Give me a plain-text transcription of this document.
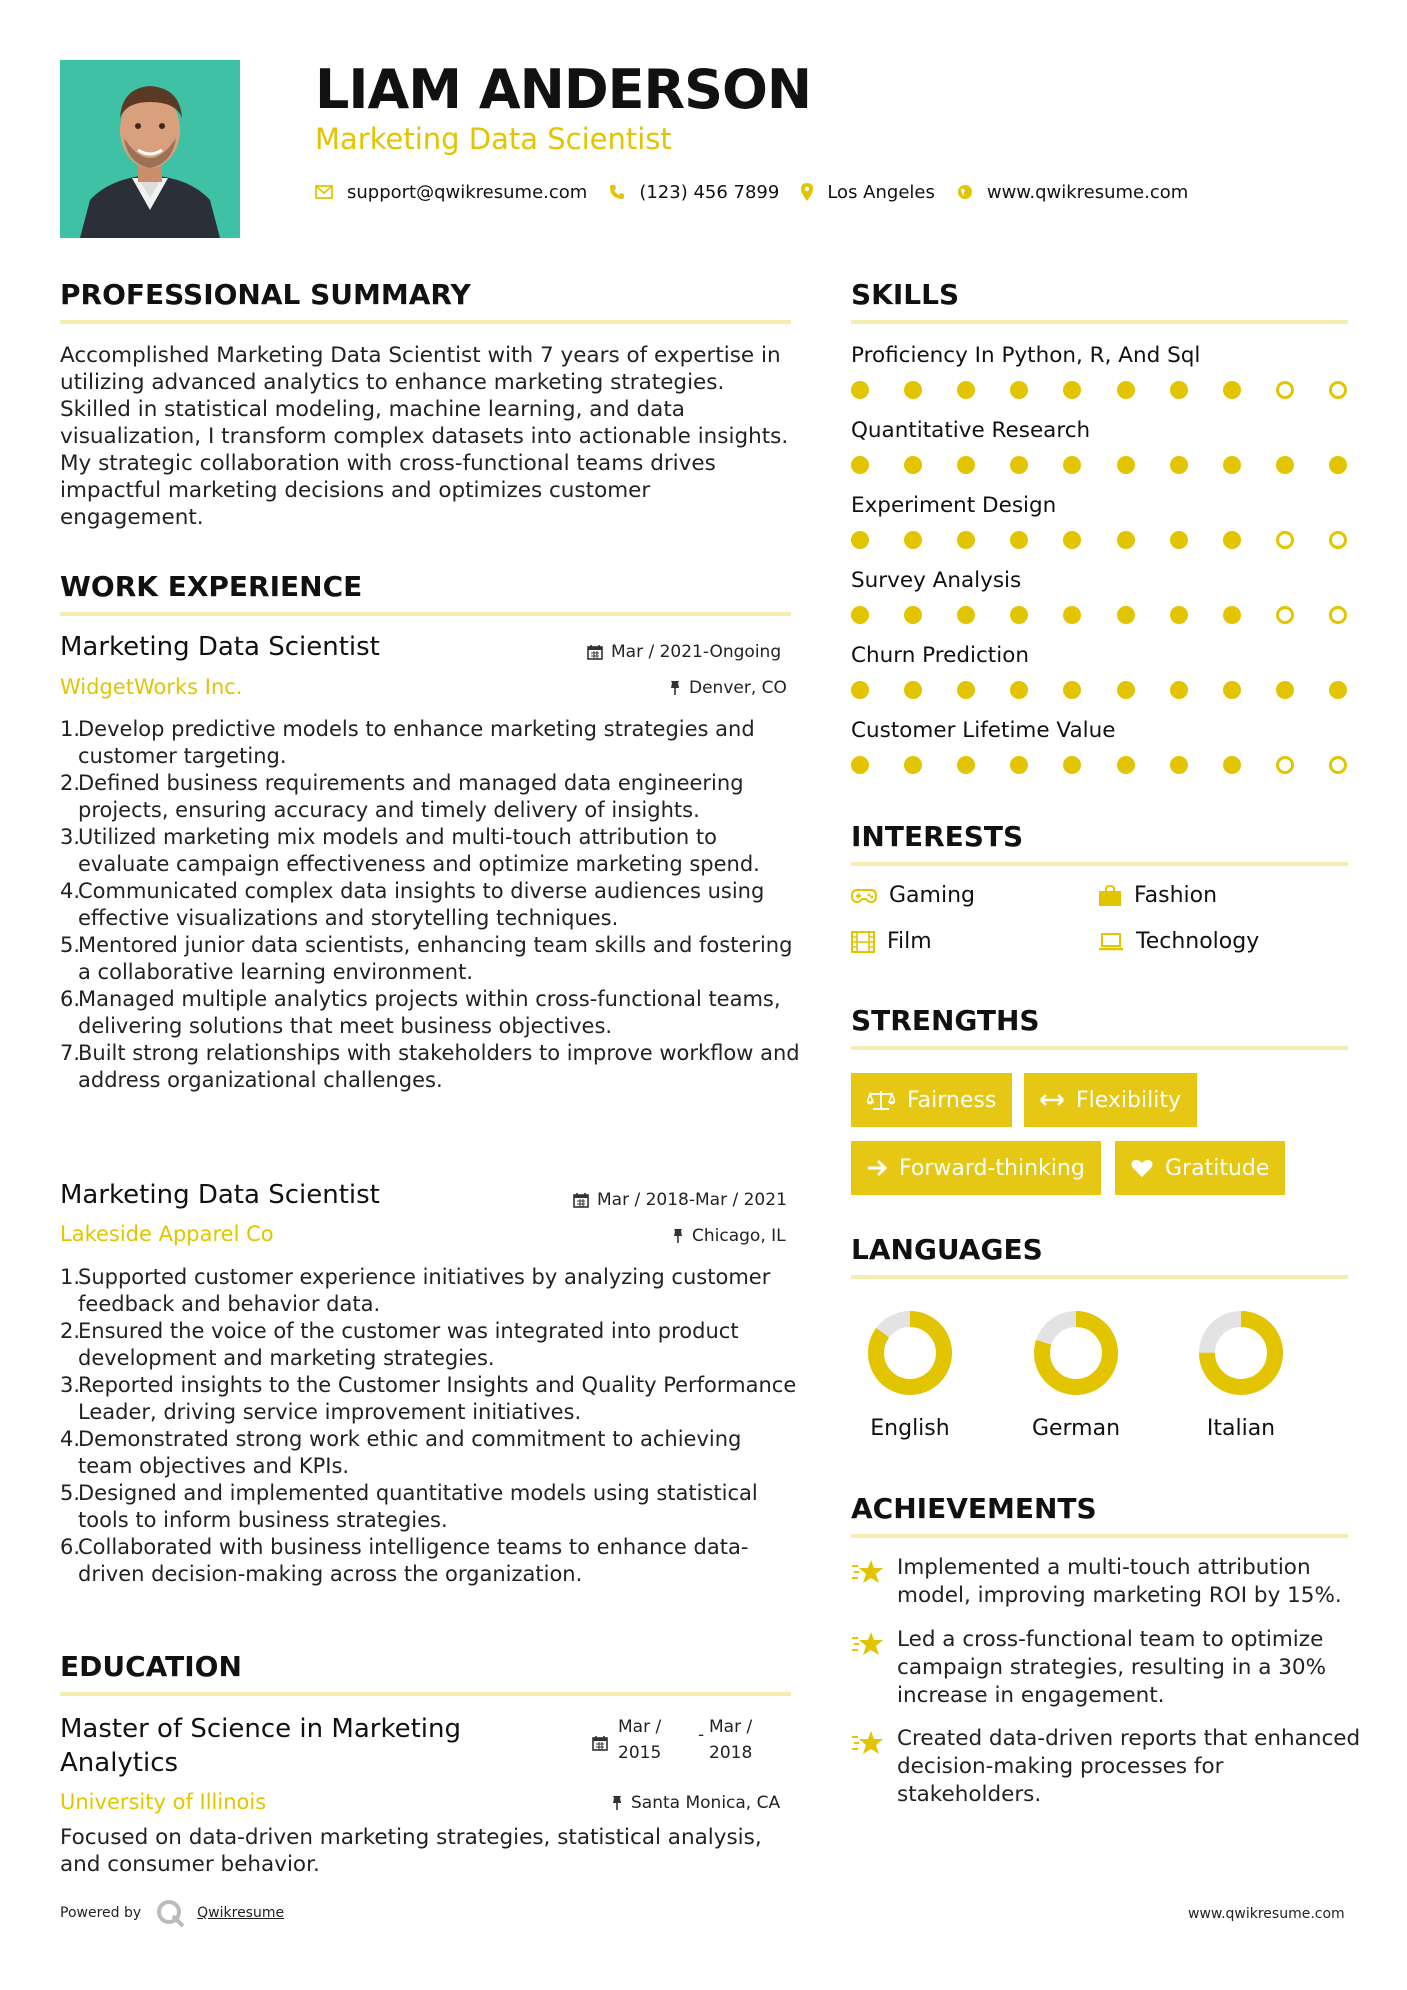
LIAM ANDERSON
Marketing Data Scientist
support@qwikresume.com	(123) 456 7899	Los Angeles	www.qwikresume.com
PROFESSIONAL SUMMARY
Accomplished Marketing Data Scientist with 7 years of expertise in utilizing advanced analytics to enhance marketing strategies. Skilled in statistical modeling, machine learning, and data visualization, I transform complex datasets into actionable insights. My strategic collaboration with cross-functional teams drives impactful marketing decisions and optimizes customer engagement.
WORK EXPERIENCE
Marketing Data Scientist	Mar / 2021-Ongoing
WidgetWorks Inc.	Denver, CO
1.
Develop predictive models to enhance marketing strategies and customer targeting.
2.
Defined business requirements and managed data engineering projects, ensuring accuracy and timely delivery of insights.
3.
Utilized marketing mix models and multi-touch attribution to evaluate campaign effectiveness and optimize marketing spend.
4.
Communicated complex data insights to diverse audiences using effective visualizations and storytelling techniques.
5.
Mentored junior data scientists, enhancing team skills and fostering a collaborative learning environment.
6.
Managed multiple analytics projects within cross-functional teams, delivering solutions that meet business objectives.
7.
Built strong relationships with stakeholders to improve workflow and address organizational challenges.
Marketing Data Scientist	Mar / 2018-Mar / 2021
Lakeside Apparel Co	Chicago, IL
1.
Supported customer experience initiatives by analyzing customer feedback and behavior data.
2.
Ensured the voice of the customer was integrated into product development and marketing strategies.
3.
Reported insights to the Customer Insights and Quality Performance Leader, driving service improvement initiatives.
4.
Demonstrated strong work ethic and commitment to achieving team objectives and KPIs.
5.
Designed and implemented quantitative models using statistical tools to inform business strategies.
6.
Collaborated with business intelligence teams to enhance data-driven decision-making across the organization.
EDUCATION
Master of Science in Marketing Analytics
Mar /
2015
- Mar /
2018
University of Illinois	Santa Monica, CA
Focused on data-driven marketing strategies, statistical analysis, and consumer behavior.
SKILLS
Proficiency In Python, R, And Sql
Quantitative Research
Experiment Design
Survey Analysis
Churn Prediction
Customer Lifetime Value
INTERESTS
Gaming	Fashion
Film	Technology
STRENGTHS
Fairness	Flexibility
Forward-thinking	Gratitude
LANGUAGES
English	German	Italian
ACHIEVEMENTS
Implemented a multi-touch attribution model, improving marketing ROI by 15%.
Led a cross-functional team to optimize campaign strategies, resulting in a 30% increase in engagement.
Created data-driven reports that enhanced decision-making processes for stakeholders.
Powered by	Qwikresume	www.qwikresume.com
